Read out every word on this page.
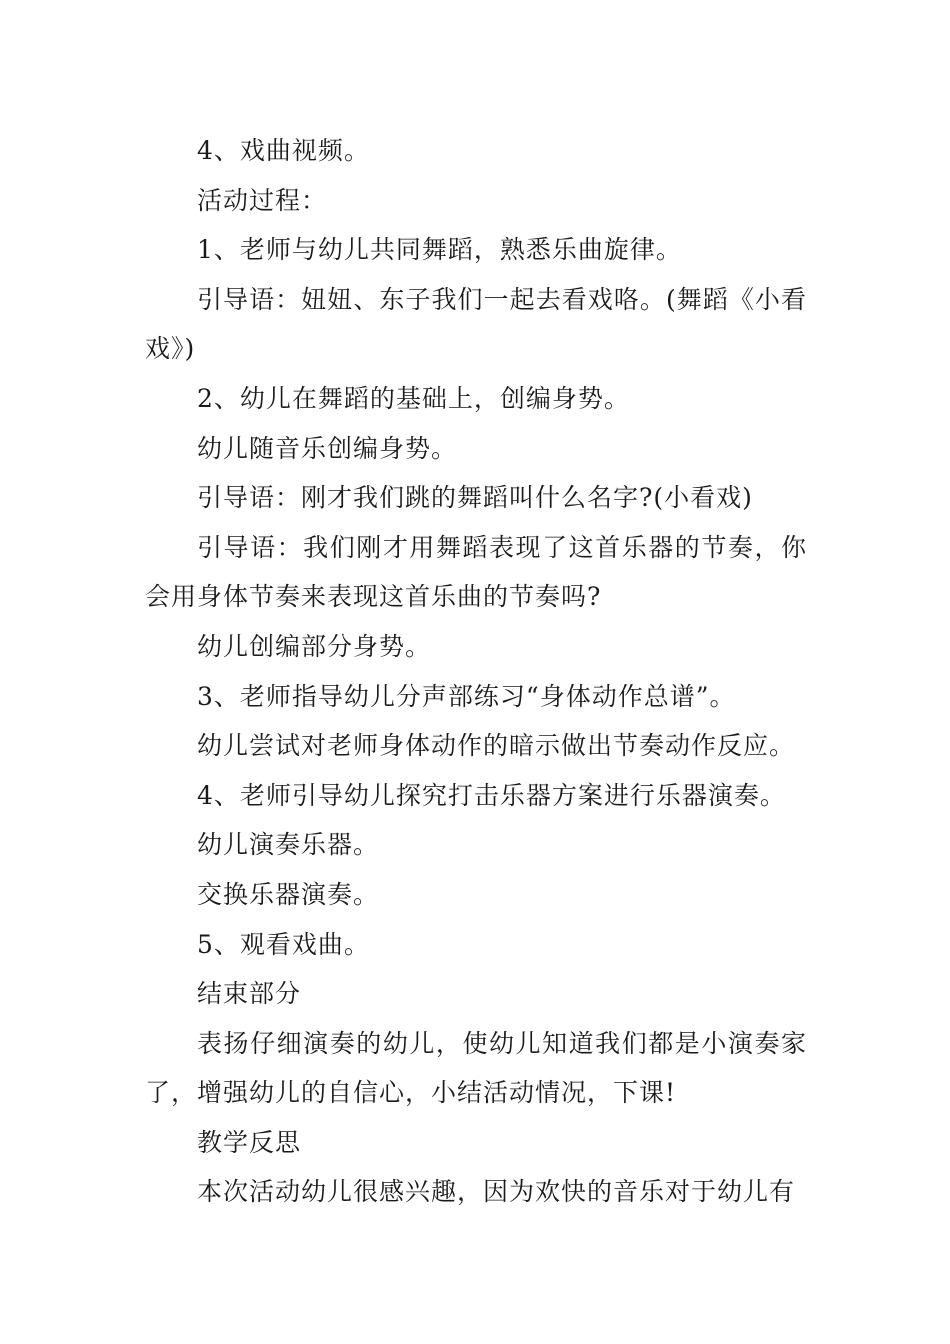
4、戏曲视频。

活动过程：

1、老师与幼儿共同舞蹈，熟悉乐曲旋律。

引导语：妞妞、东子我们一起去看戏咯。(舞蹈《小看戏》)

2、幼儿在舞蹈的基础上，创编身势。

幼儿随音乐创编身势。

引导语：刚才我们跳的舞蹈叫什么名字?(小看戏)

引导语：我们刚才用舞蹈表现了这首乐器的节奏，你会用身体节奏来表现这首乐曲的节奏吗?

幼儿创编部分身势。

3、老师指导幼儿分声部练习“身体动作总谱”。

幼儿尝试对老师身体动作的暗示做出节奏动作反应。

4、老师引导幼儿探究打击乐器方案进行乐器演奏。

幼儿演奏乐器。

交换乐器演奏。

5、观看戏曲。

结束部分

表扬仔细演奏的幼儿，使幼儿知道我们都是小演奏家了，增强幼儿的自信心，小结活动情况，下课!

教学反思

本次活动幼儿很感兴趣，因为欢快的音乐对于幼儿有
